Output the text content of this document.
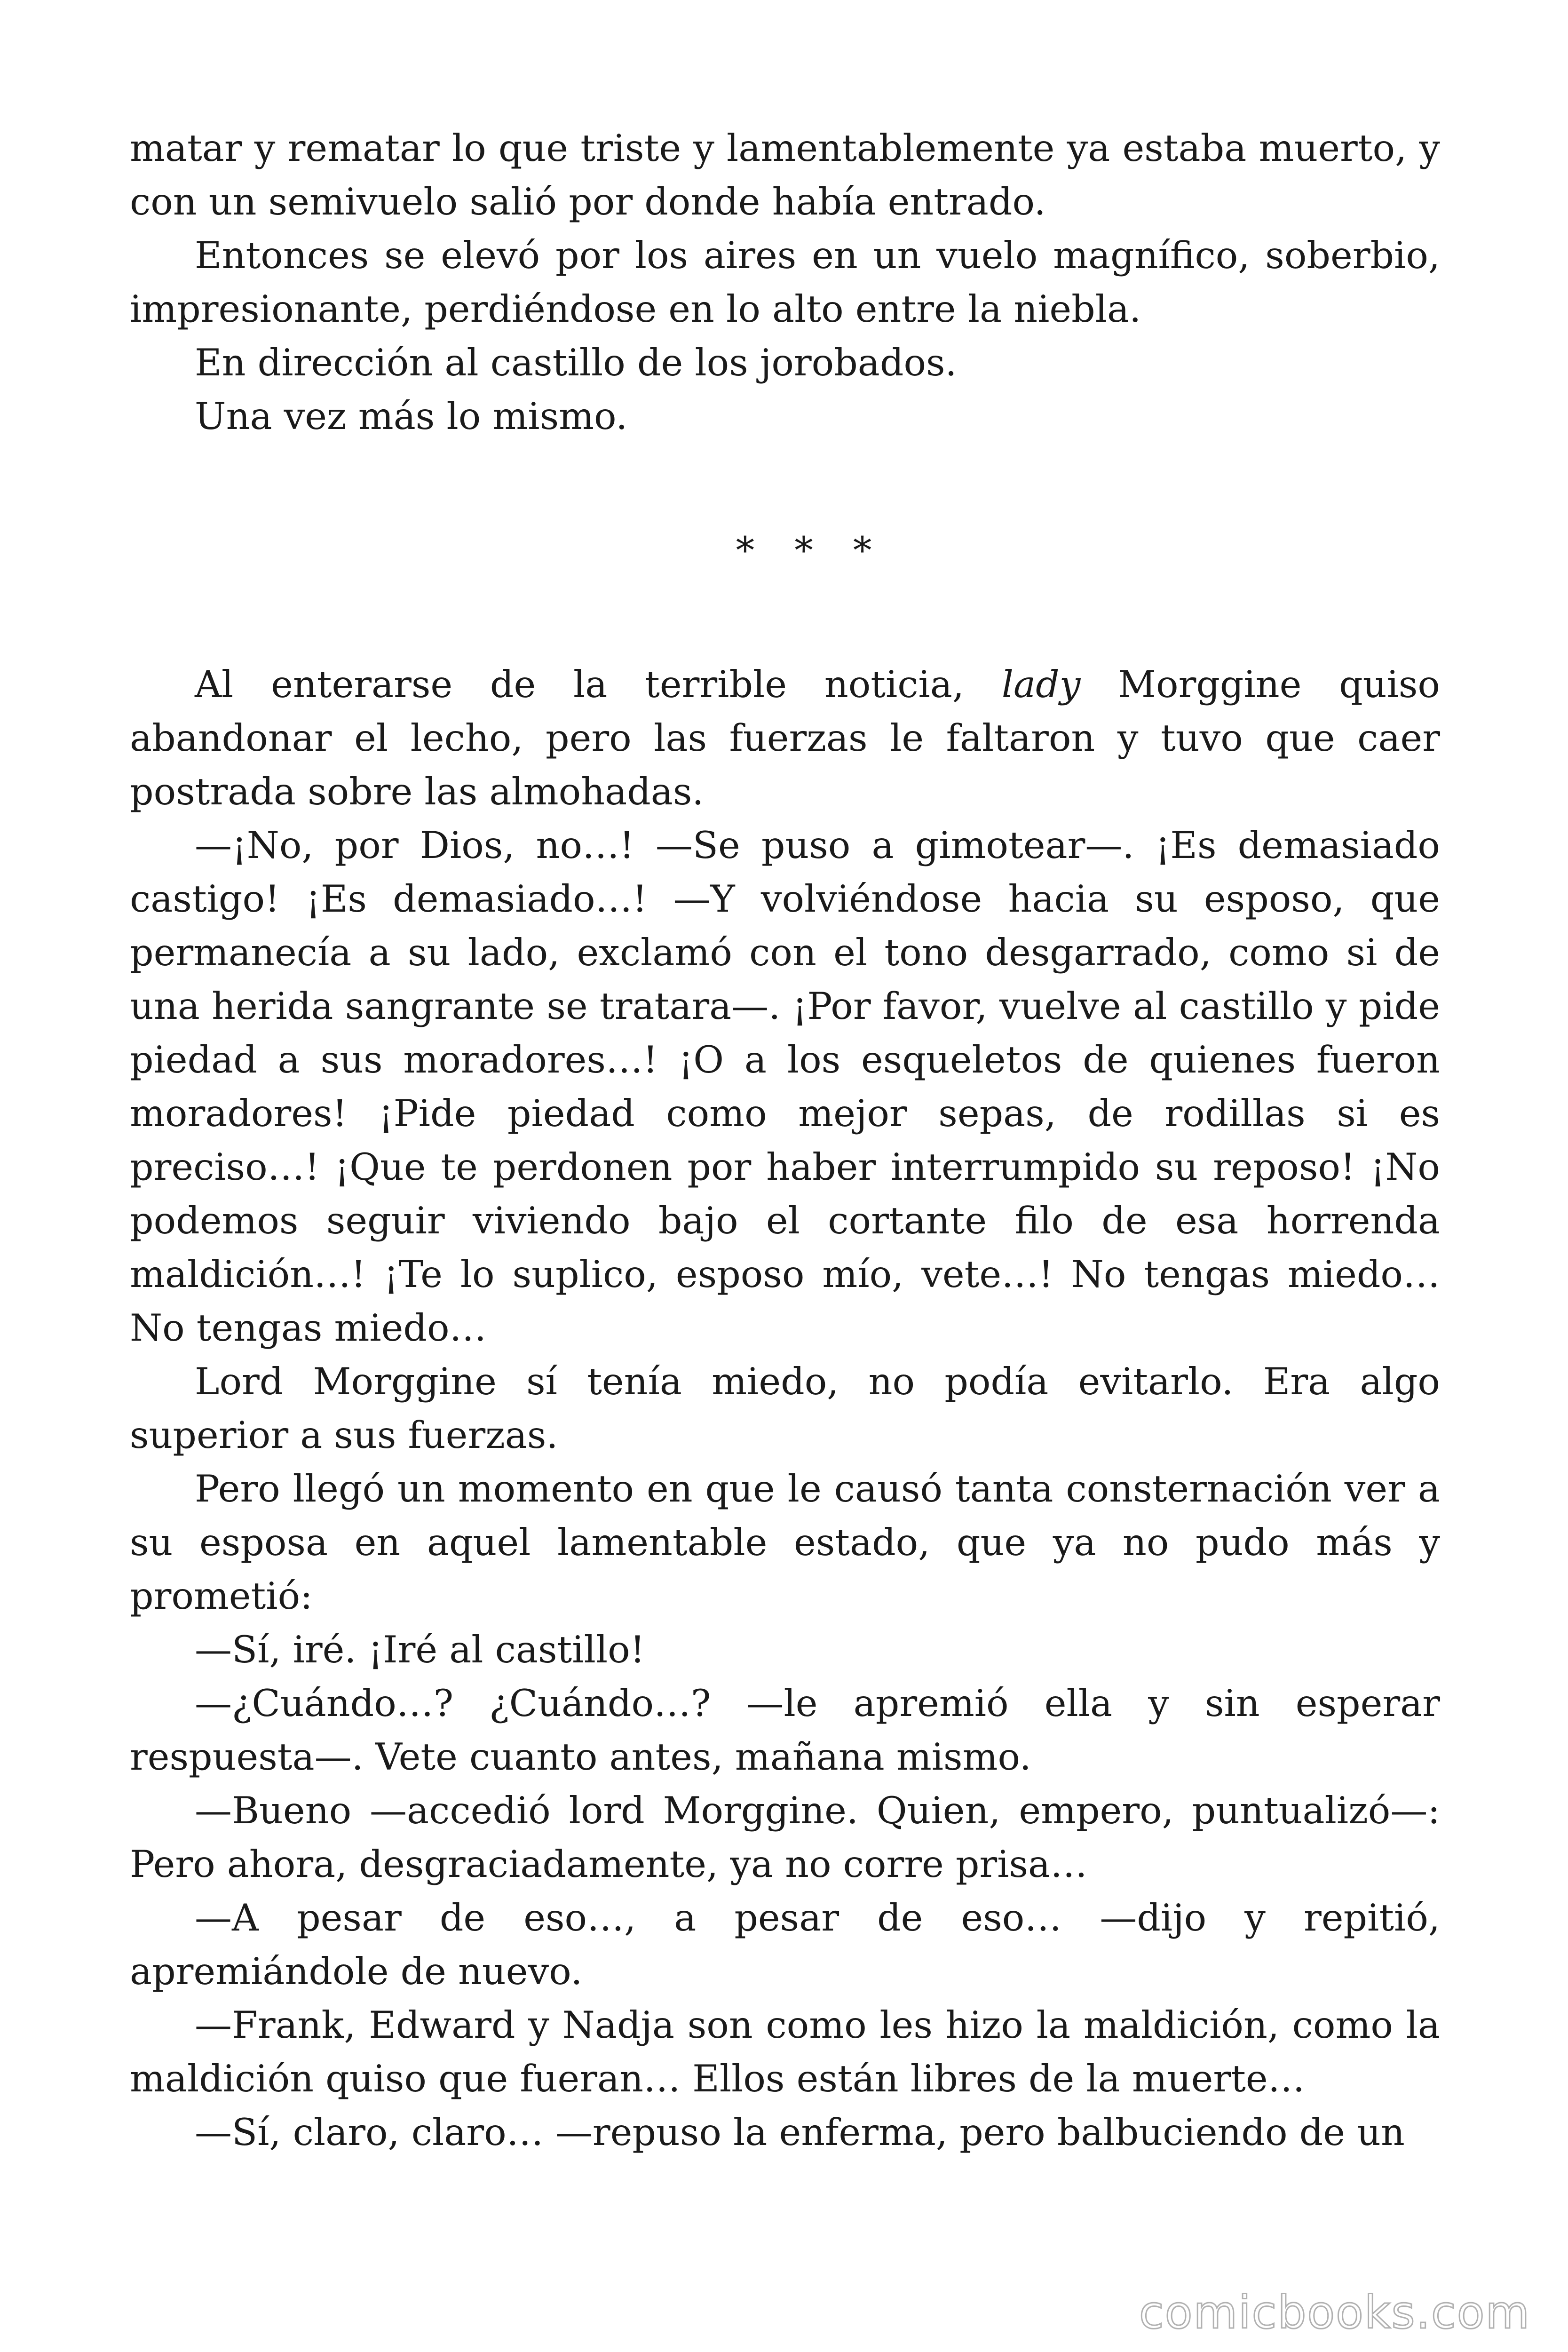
matar y rematar lo que triste y lamentablemente ya estaba muerto, y con un semivuelo salió por donde había entrado.

Entonces se elevó por los aires en un vuelo magnífico, soberbio, impresionante, perdiéndose en lo alto entre la niebla.

En dirección al castillo de los jorobados.

Una vez más lo mismo.

* * *

Al enterarse de la terrible noticia, lady Morggine quiso abandonar el lecho, pero las fuerzas le faltaron y tuvo que caer postrada sobre las almohadas.

—¡No, por Dios, no…! —Se puso a gimotear—. ¡Es demasiado castigo! ¡Es demasiado…! —Y volviéndose hacia su esposo, que permanecía a su lado, exclamó con el tono desgarrado, como si de una herida sangrante se tratara—. ¡Por favor, vuelve al castillo y pide piedad a sus moradores…! ¡O a los esqueletos de quienes fueron moradores! ¡Pide piedad como mejor sepas, de rodillas si es preciso…! ¡Que te perdonen por haber interrumpido su reposo! ¡No podemos seguir viviendo bajo el cortante filo de esa horrenda maldición…! ¡Te lo suplico, esposo mío, vete…! No tengas miedo… No tengas miedo…

Lord Morggine sí tenía miedo, no podía evitarlo. Era algo superior a sus fuerzas.

Pero llegó un momento en que le causó tanta consternación ver a su esposa en aquel lamentable estado, que ya no pudo más y prometió:

—Sí, iré. ¡Iré al castillo!

—¿Cuándo…? ¿Cuándo…? —le apremió ella y sin esperar respuesta—. Vete cuanto antes, mañana mismo.

—Bueno —accedió lord Morggine. Quien, empero, puntualizó—: Pero ahora, desgraciadamente, ya no corre prisa…

—A pesar de eso…, a pesar de eso… —dijo y repitió, apremiándole de nuevo.

—Frank, Edward y Nadja son como les hizo la maldición, como la maldición quiso que fueran… Ellos están libres de la muerte…

—Sí, claro, claro… —repuso la enferma, pero balbuciendo de un

comicbooks.com
